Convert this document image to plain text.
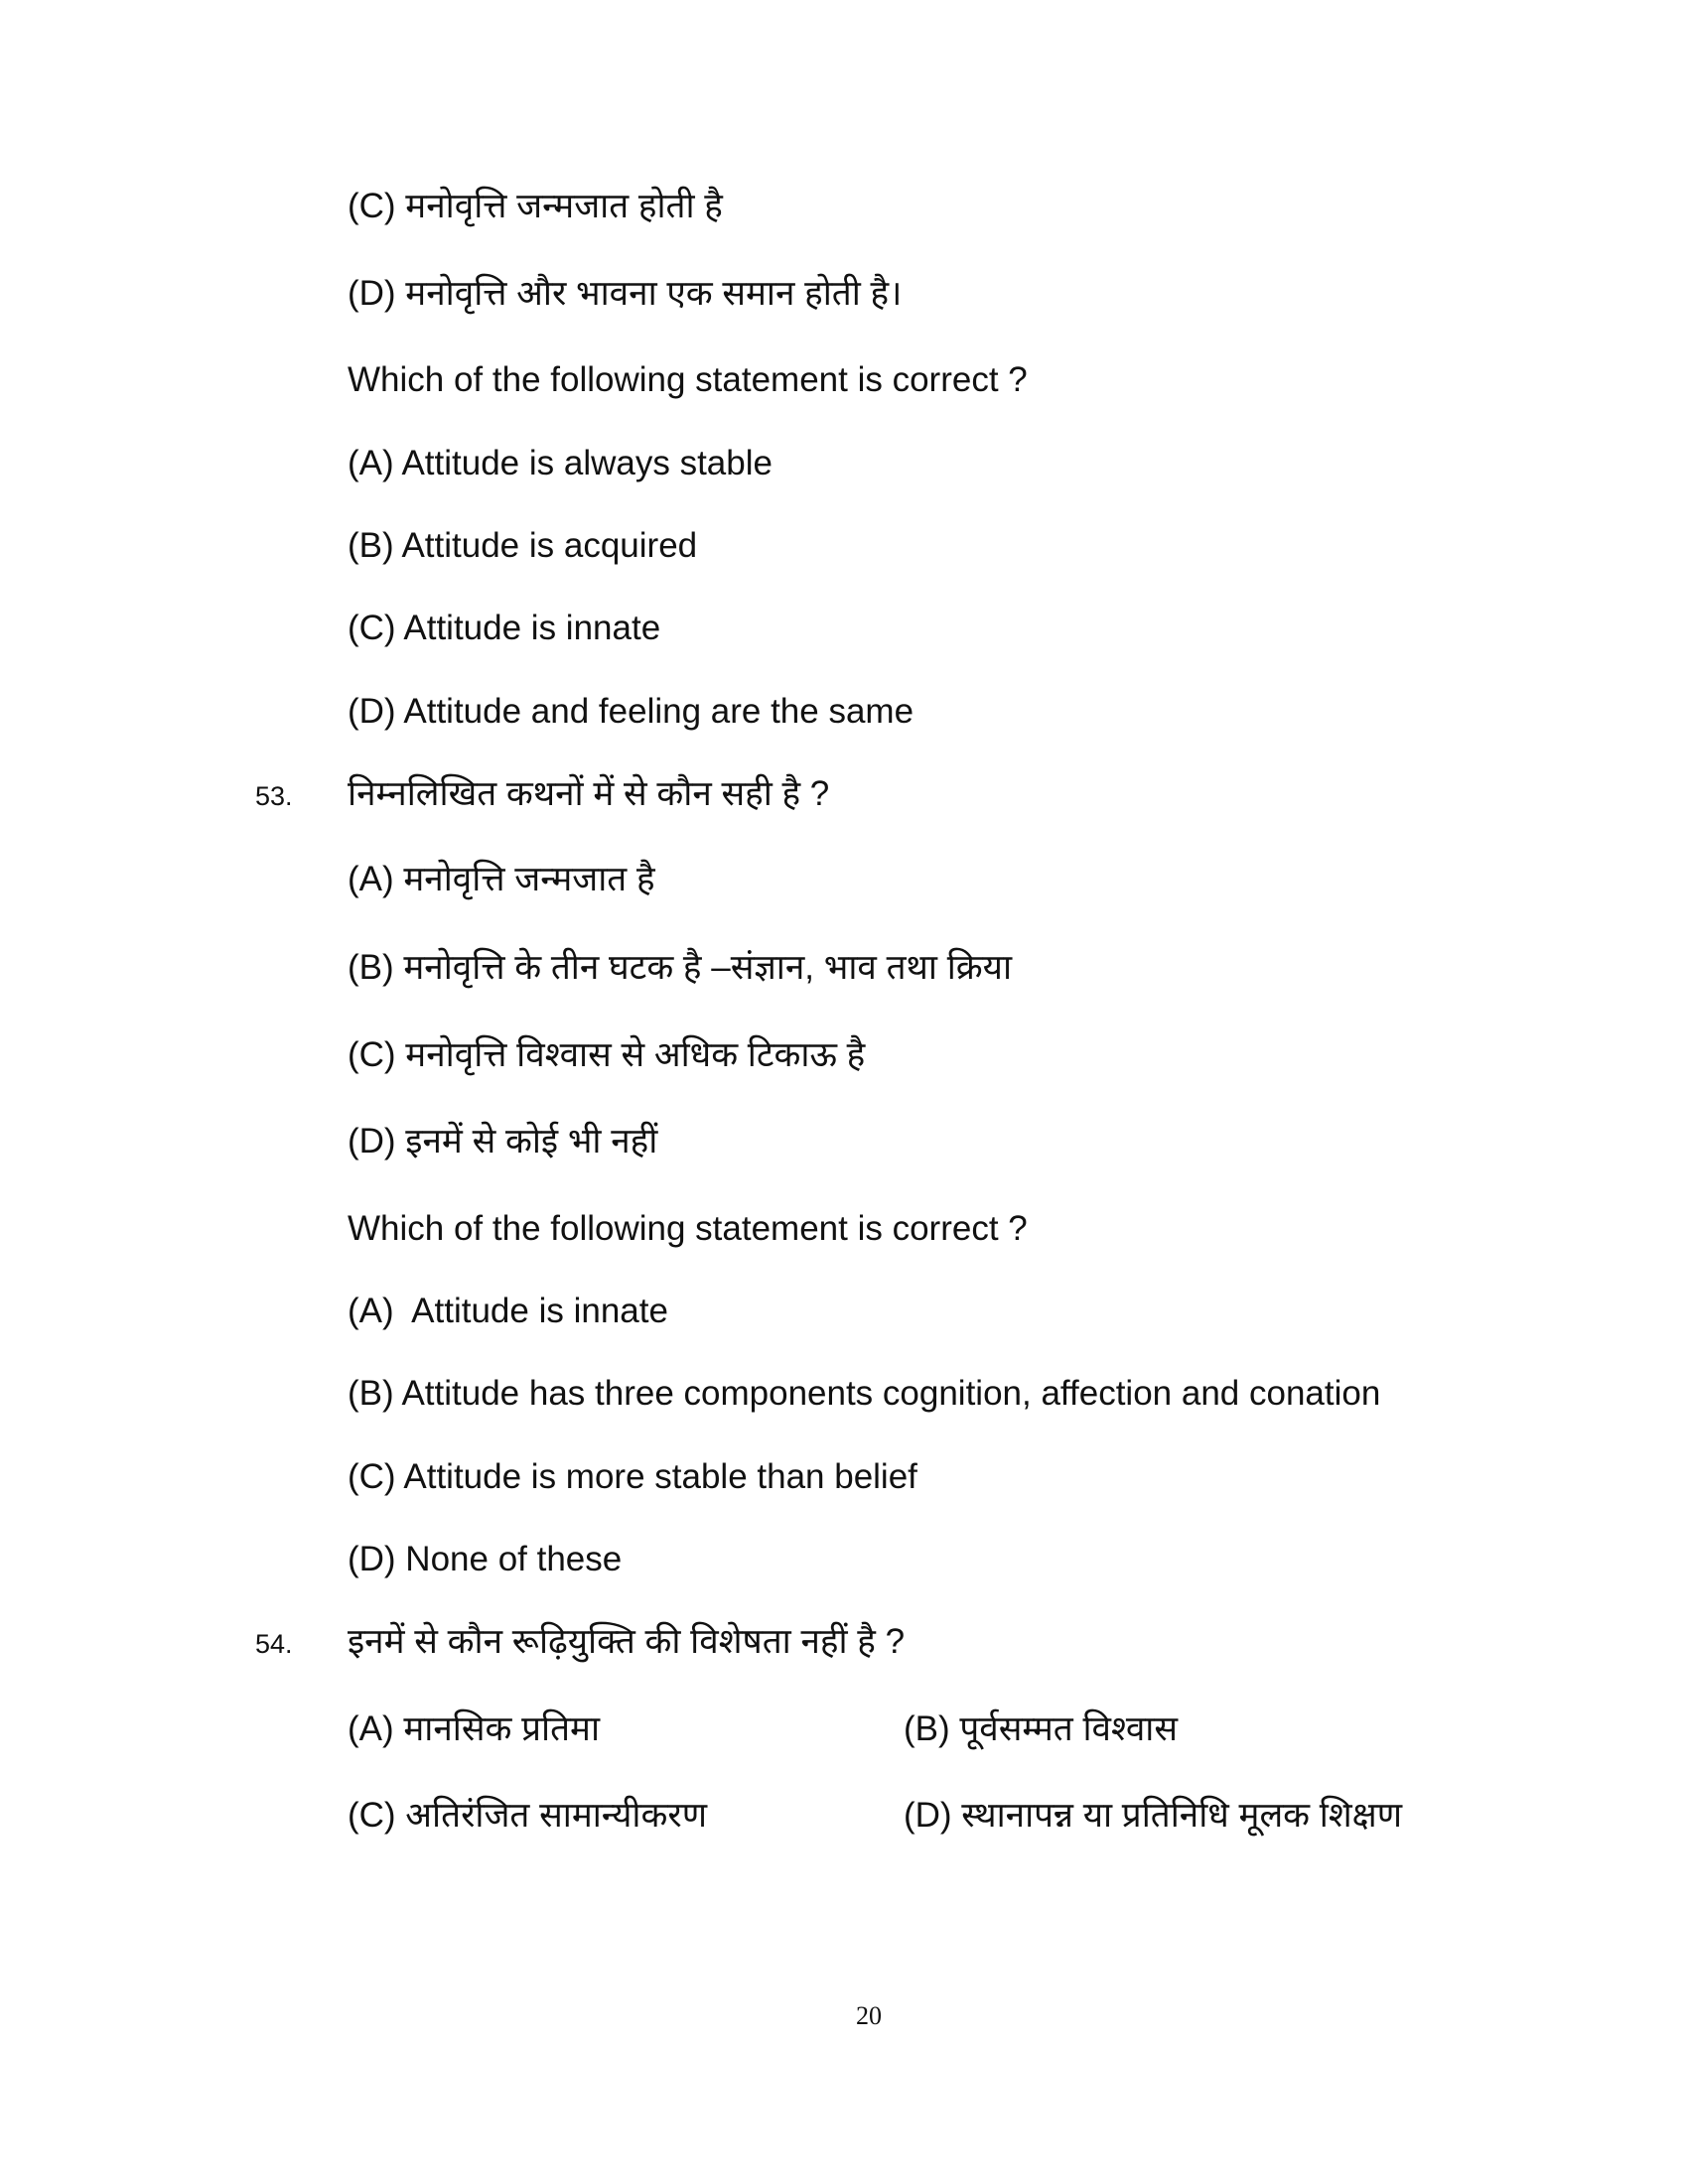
(C) मनोवृत्ति जन्मजात होती है
(D) मनोवृत्ति और भावना एक समान होती है।
Which of the following statement is correct ?
(A) Attitude is always stable
(B) Attitude is acquired
(C) Attitude is innate
(D) Attitude and feeling are the same
53. निम्नलिखित कथनों में से कौन सही है ?
(A) मनोवृत्ति जन्मजात है
(B) मनोवृत्ति के तीन घटक है –संज्ञान, भाव तथा क्रिया
(C) मनोवृत्ति विश्वास से अधिक टिकाऊ है
(D) इनमें से कोई भी नहीं
Which of the following statement is correct ?
(A)  Attitude is innate
(B) Attitude has three components cognition, affection and conation
(C) Attitude is more stable than belief
(D) None of these
54. इनमें से कौन रूढ़ियुक्ति की विशेषता नहीं है ?
(A) मानसिक प्रतिमा	(B) पूर्वसम्मत विश्वास
(C) अतिरंजित सामान्यीकरण	(D) स्थानापन्न या प्रतिनिधि मूलक शिक्षण
20
